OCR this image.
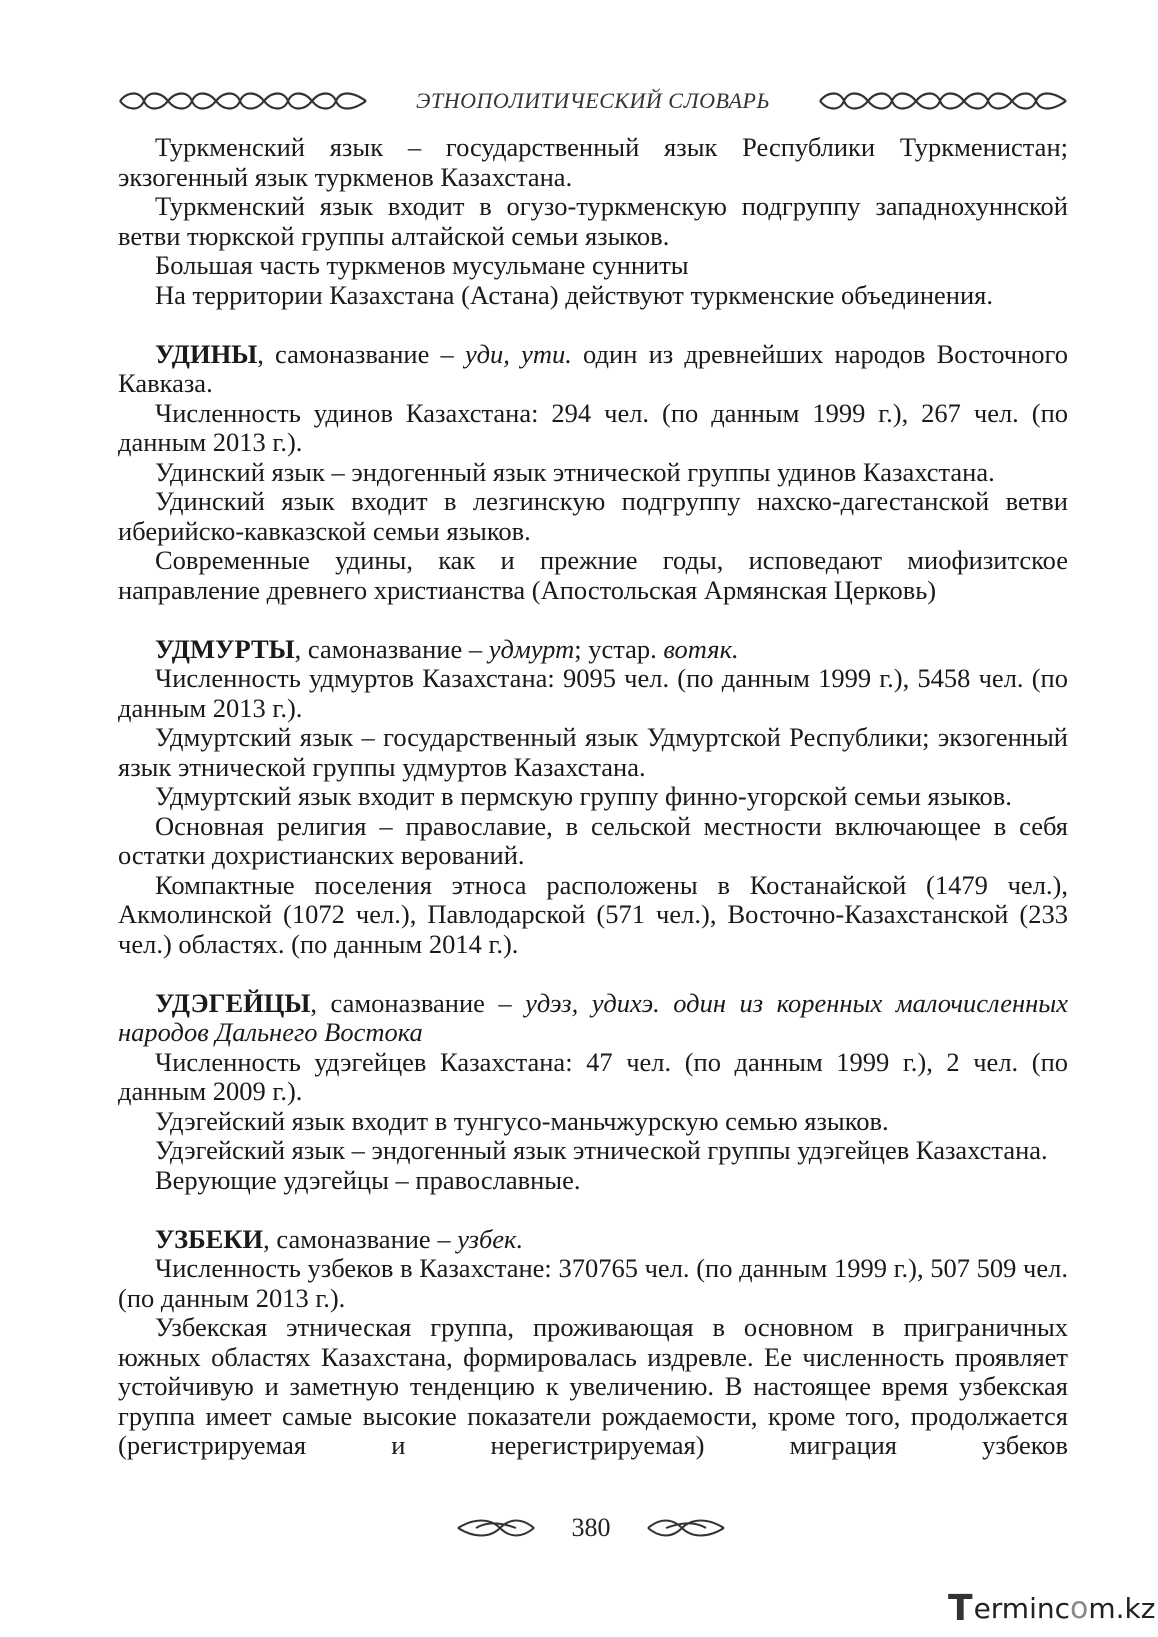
ЭТНОПОЛИТИЧЕСКИЙ СЛОВАРЬ

Туркменский язык – государственный язык Республики Туркменистан; экзогенный язык туркменов Казахстана.

Туркменский язык входит в огузо-туркменскую подгруппу западнохуннской ветви тюркской группы алтайской семьи языков.

Большая часть туркменов мусульмане сунниты

На территории Казахстана (Астана) действуют туркменские объединения.

УДИНЫ, самоназвание – уди, ути. один из древнейших народов Восточного Кавказа.

Численность удинов Казахстана: 294 чел. (по данным 1999 г.), 267 чел. (по данным 2013 г.).

Удинский язык – эндогенный язык этнической группы удинов Казахстана.

Удинский язык входит в лезгинскую подгруппу нахско-дагестанской ветви иберийско-кавказской семьи языков.

Современные удины, как и прежние годы, исповедают миофизитское направление древнего христианства (Апостольская Армянская Церковь)

УДМУРТЫ, самоназвание – удмурт; устар. вотяк.

Численность удмуртов Казахстана: 9095 чел. (по данным 1999 г.), 5458 чел. (по данным 2013 г.).

Удмуртский язык – государственный язык Удмуртской Республики; экзогенный язык этнической группы удмуртов Казахстана.

Удмуртский язык входит в пермскую группу финно-угорской семьи языков.

Основная религия – православие, в сельской местности включающее в себя остатки дохристианских верований.

Компактные поселения этноса расположены в Костанайской (1479 чел.), Акмолинской (1072 чел.), Павлодарской (571 чел.), Восточно-Казахстанской (233 чел.) областях. (по данным 2014 г.).

УДЭГЕЙЦЫ, самоназвание – удэз, удихэ. один из коренных малочисленных народов Дальнего Востока

Численность удэгейцев Казахстана: 47 чел. (по данным 1999 г.), 2 чел. (по данным 2009 г.).

Удэгейский язык входит в тунгусо-маньчжурскую семью языков.

Удэгейский язык – эндогенный язык этнической группы удэгейцев Казахстана.

Верующие удэгейцы – православные.

УЗБЕКИ, самоназвание – узбек.

Численность узбеков в Казахстане: 370765 чел. (по данным 1999 г.), 507 509 чел. (по данным 2013 г.).

Узбекская этническая группа, проживающая в основном в приграничных южных областях Казахстана, формировалась издревле. Ее численность проявляет устойчивую и заметную тенденцию к увеличению. В настоящее время узбекская группа имеет самые высокие показатели рождаемости, кроме того, продолжается (регистрируемая и нерегистрируемая) миграция узбеков

380
T erminc o m.kz
